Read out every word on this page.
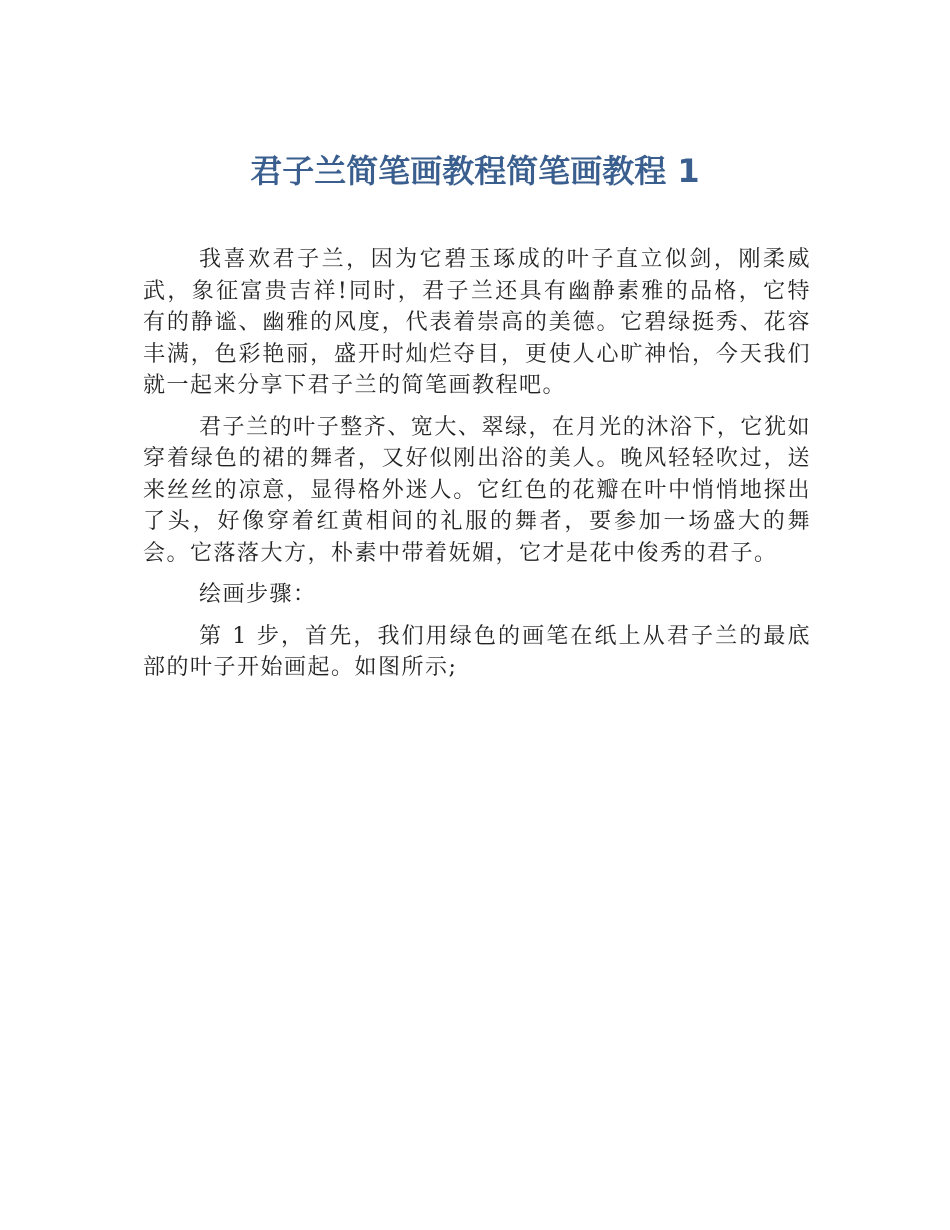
君子兰简笔画教程简笔画教程 1

我喜欢君子兰，因为它碧玉琢成的叶子直立似剑，刚柔威武，象征富贵吉祥!同时，君子兰还具有幽静素雅的品格，它特有的静谧、幽雅的风度，代表着崇高的美德。它碧绿挺秀、花容丰满，色彩艳丽，盛开时灿烂夺目，更使人心旷神怡，今天我们就一起来分享下君子兰的简笔画教程吧。

君子兰的叶子整齐、宽大、翠绿，在月光的沐浴下，它犹如穿着绿色的裙的舞者，又好似刚出浴的美人。晚风轻轻吹过，送来丝丝的凉意，显得格外迷人。它红色的花瓣在叶中悄悄地探出了头，好像穿着红黄相间的礼服的舞者，要参加一场盛大的舞会。它落落大方，朴素中带着妩媚，它才是花中俊秀的君子。

绘画步骤：

第 1 步，首先，我们用绿色的画笔在纸上从君子兰的最底部的叶子开始画起。如图所示;
